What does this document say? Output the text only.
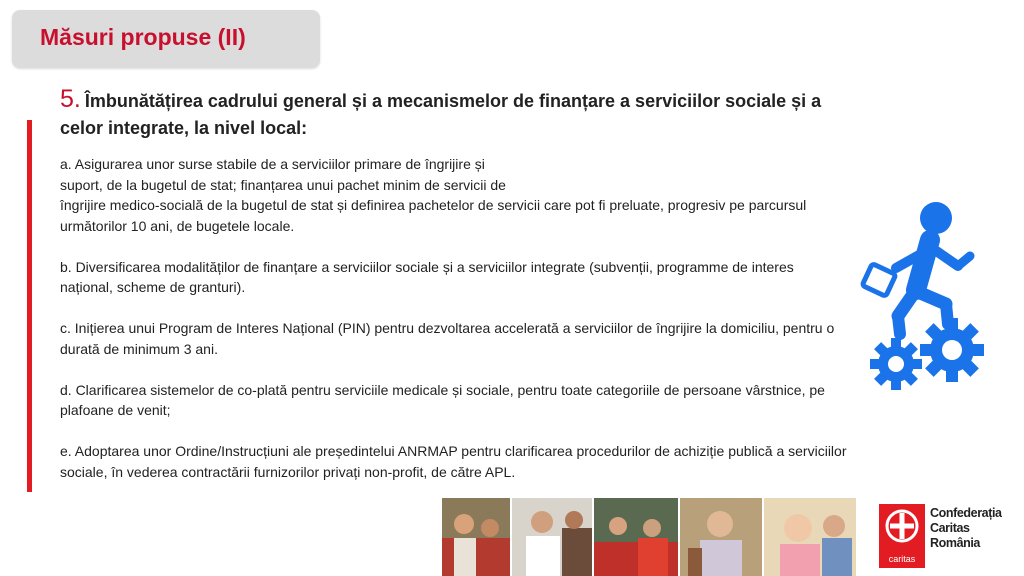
Măsuri propuse (II)

5. Îmbunătățirea cadrului general și a mecanismelor de finanțare a serviciilor sociale și a celor integrate, la nivel local:

a. Asigurarea unor surse stabile de a serviciilor primare de îngrijire și
suport, de la bugetul de stat; finanțarea unui pachet minim de servicii de
îngrijire medico-socială de la bugetul de stat și definirea pachetelor de servicii care pot fi preluate, progresiv pe parcursul următorilor 10 ani, de bugetele locale.

b. Diversificarea modalităților de finanțare a serviciilor sociale și a serviciilor integrate (subvenții, programme de interes național, scheme de granturi).

c. Inițierea unui Program de Interes Național (PIN) pentru dezvoltarea accelerată a serviciilor de îngrijire la domiciliu, pentru o durată de minimum 3 ani.

d. Clarificarea sistemelor de co-plată pentru serviciile medicale și sociale, pentru toate categoriile de persoane vârstnice, pe plafoane de venit;

e. Adoptarea unor Ordine/Instrucțiuni ale președintelui ANRMAP pentru clarificarea procedurilor de achiziție publică a serviciilor sociale, în vederea contractării furnizorilor privați non-profit, de către APL.

caritas
Confederația
Caritas
România
